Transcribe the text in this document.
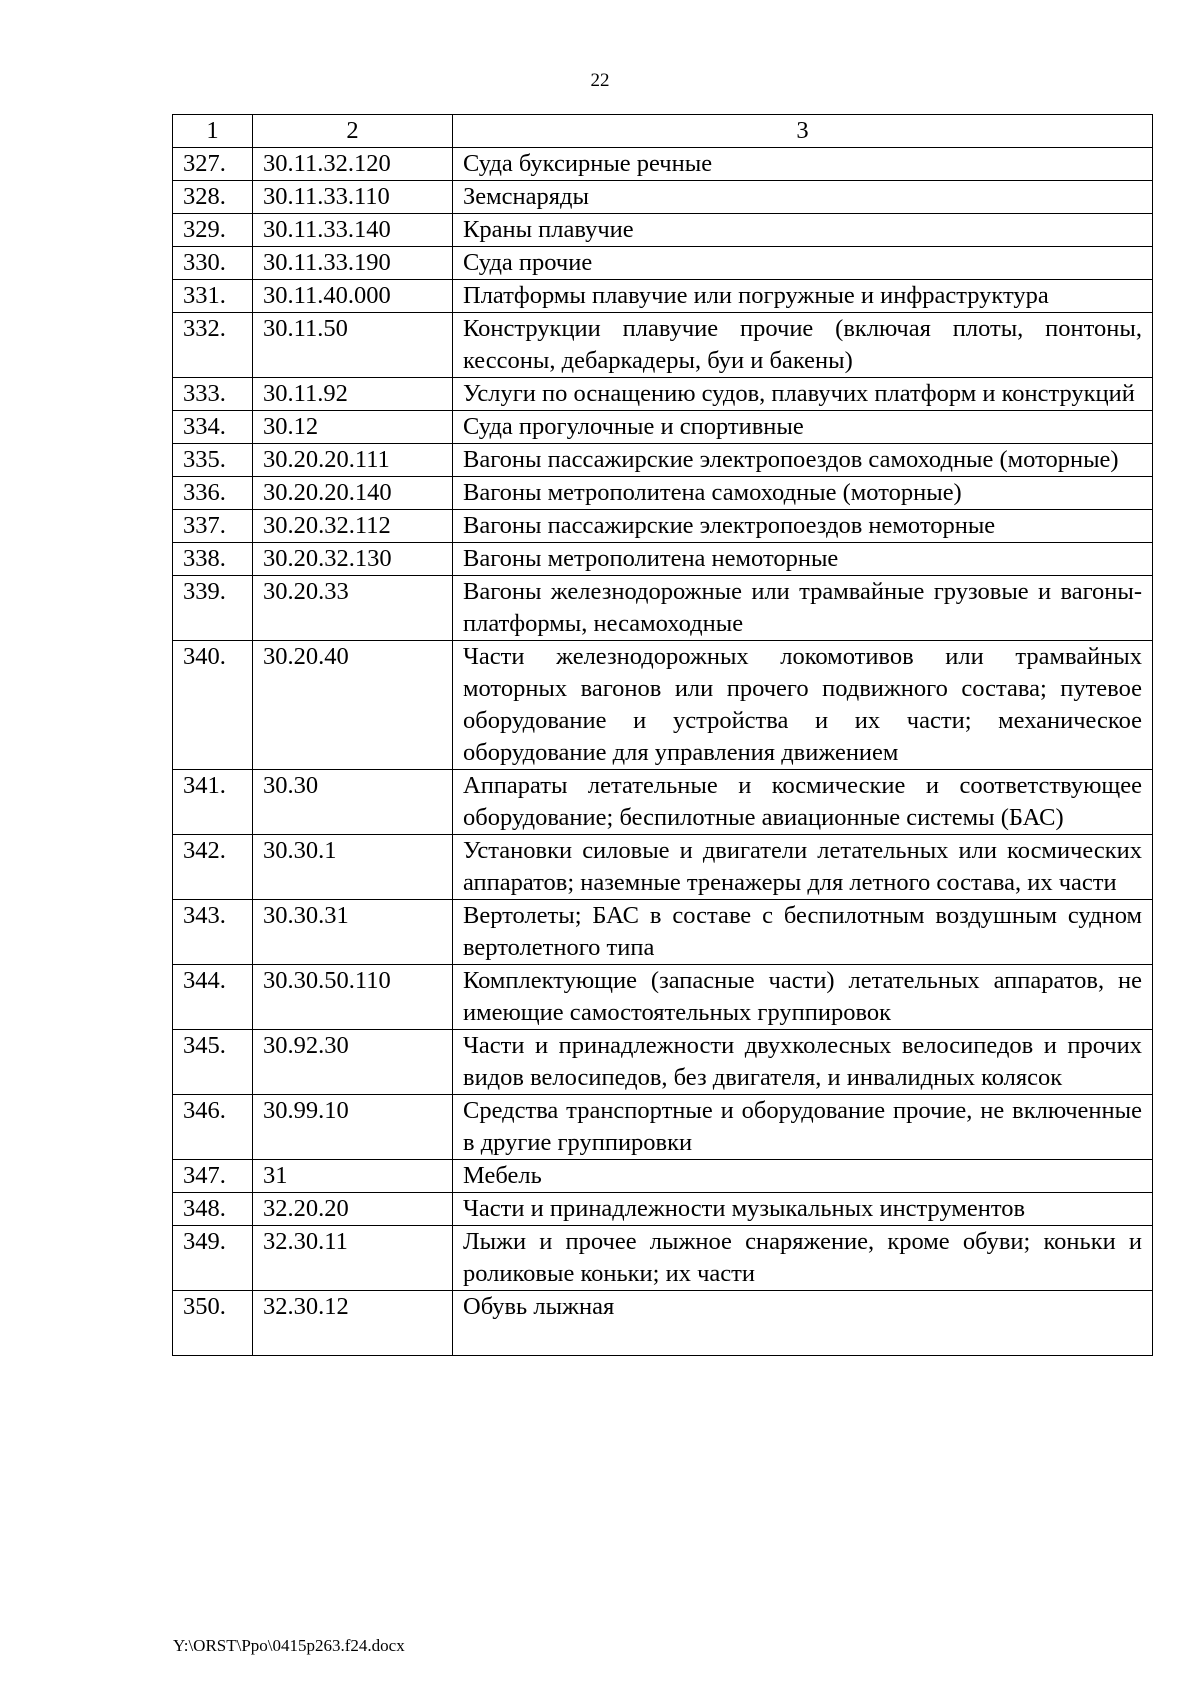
22
1	2	3
327.	30.11.32.120	Суда буксирные речные
328.	30.11.33.110	Земснаряды
329.	30.11.33.140	Краны плавучие
330.	30.11.33.190	Суда прочие
331.	30.11.40.000	Платформы плавучие или погружные и инфраструктура
332.	30.11.50	Конструкции плавучие прочие (включая плоты, понтоны, кессоны, дебаркадеры, буи и бакены)
333.	30.11.92	Услуги по оснащению судов, плавучих платформ и конструкций
334.	30.12	Суда прогулочные и спортивные
335.	30.20.20.111	Вагоны пассажирские электропоездов самоходные (моторные)
336.	30.20.20.140	Вагоны метрополитена самоходные (моторные)
337.	30.20.32.112	Вагоны пассажирские электропоездов немоторные
338.	30.20.32.130	Вагоны метрополитена немоторные
339.	30.20.33	Вагоны железнодорожные или трамвайные грузовые и вагоны-платформы, несамоходные
340.	30.20.40	Части железнодорожных локомотивов или трамвайных моторных вагонов или прочего подвижного состава; путевое оборудование и устройства и их части; механическое оборудование для управления движением
341.	30.30	Аппараты летательные и космические и соответствующее оборудование; беспилотные авиационные системы (БАС)
342.	30.30.1	Установки силовые и двигатели летательных или космических аппаратов; наземные тренажеры для летного состава, их части
343.	30.30.31	Вертолеты; БАС в составе с беспилотным воздушным судном вертолетного типа
344.	30.30.50.110	Комплектующие (запасные части) летательных аппаратов, не имеющие самостоятельных группировок
345.	30.92.30	Части и принадлежности двухколесных велосипедов и прочих видов велосипедов, без двигателя, и инвалидных колясок
346.	30.99.10	Средства транспортные и оборудование прочие, не включенные в другие группировки
347.	31	Мебель
348.	32.20.20	Части и принадлежности музыкальных инструментов
349.	32.30.11	Лыжи и прочее лыжное снаряжение, кроме обуви; коньки и роликовые коньки; их части
350.	32.30.12	Обувь лыжная
Y:\ORST\Ppo\0415p263.f24.docx
